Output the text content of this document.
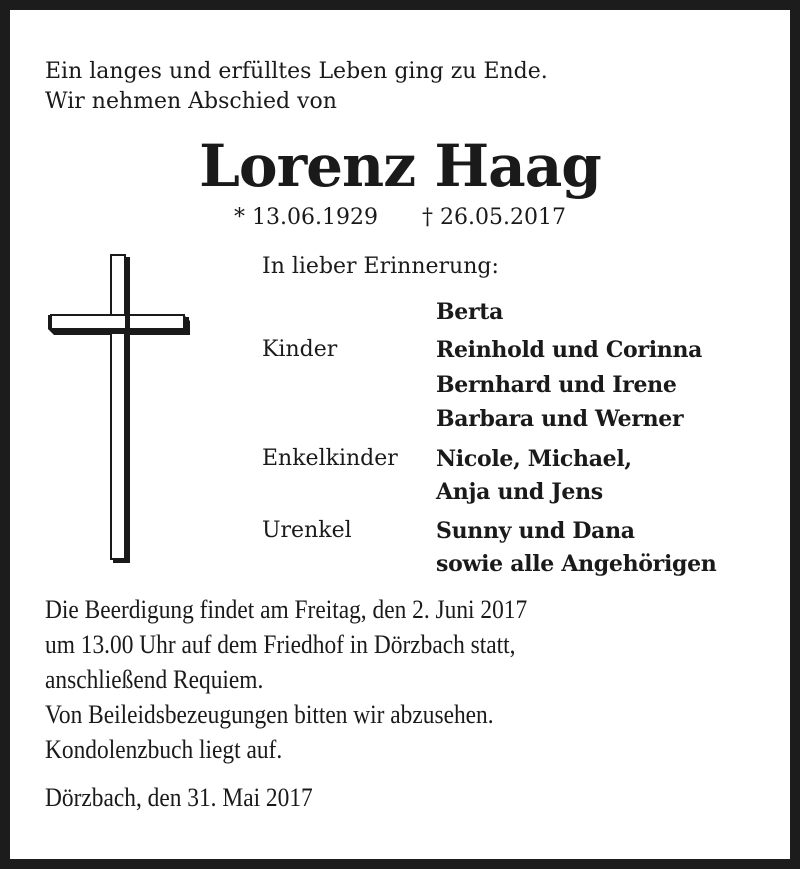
Ein langes und erfülltes Leben ging zu Ende.
Wir nehmen Abschied von
Lorenz Haag
* 13.06.1929 † 26.05.2017
In lieber Erinnerung:
Berta
Kinder	Reinhold und Corinna
Bernhard und Irene
Barbara und Werner
Enkelkinder Nicole, Michael,
Anja und Jens
Urenkel	Sunny und Dana
sowie alle Angehörigen
Die Beerdigung findet am Freitag, den 2. Juni 2017
um 13.00 Uhr auf dem Friedhof in Dörzbach statt,
anschließend Requiem.
Von Beileidsbezeugungen bitten wir abzusehen.
Kondolenzbuch liegt auf.
Dörzbach, den 31. Mai 2017
